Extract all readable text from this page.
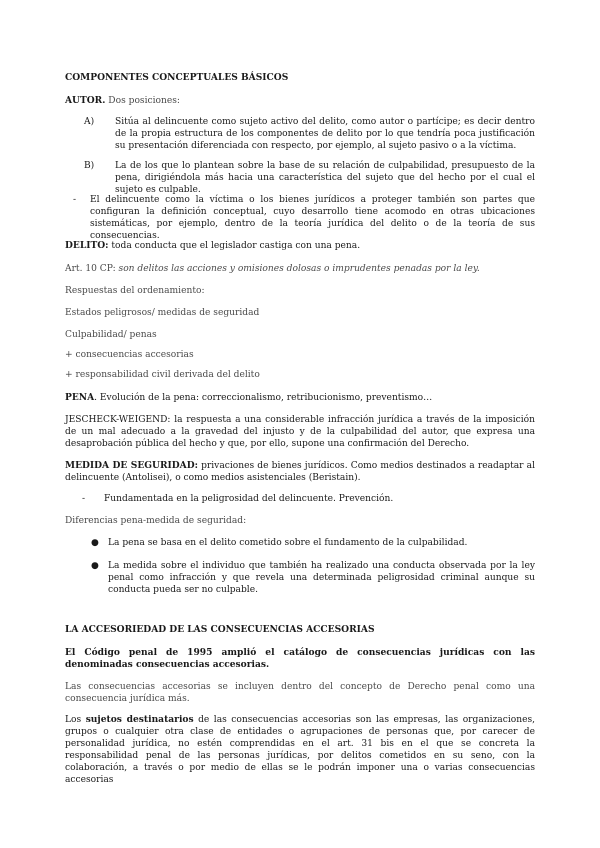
COMPONENTES CONCEPTUALES BÁSICOS

AUTOR. Dos posiciones:

A) Sitúa al delincuente como sujeto activo del delito, como autor o partícipe; es decir dentro de la propia estructura de los componentes de delito por lo que tendría poca justificación su presentación diferenciada con respecto, por ejemplo, al sujeto pasivo o a la víctima.

B) La de los que lo plantean sobre la base de su relación de culpabilidad, presupuesto de la pena, dirigiéndola más hacia una característica del sujeto que del hecho por el cual el sujeto es culpable.

- El delincuente como la víctima o los bienes jurídicos a proteger también son partes que configuran la definición conceptual, cuyo desarrollo tiene acomodo en otras ubicaciones sistemáticas, por ejemplo, dentro de la teoría jurídica del delito o de la teoría de sus consecuencias.

DELITO: toda conducta que el legislador castiga con una pena.

Art. 10 CP: son delitos las acciones y omisiones dolosas o imprudentes penadas por la ley.

Respuestas del ordenamiento:

Estados peligrosos/ medidas de seguridad

Culpabilidad/ penas

+ consecuencias accesorias

+ responsabilidad civil derivada del delito

PENA. Evolución de la pena: correccionalismo, retribucionismo, preventismo…

JESCHECK-WEIGEND: la respuesta a una considerable infracción jurídica a través de la imposición de un mal adecuado a la gravedad del injusto y de la culpabilidad del autor, que expresa una desaprobación pública del hecho y que, por ello, supone una confirmación del Derecho.

MEDIDA DE SEGURIDAD: privaciones de bienes jurídicos. Como medios destinados a readaptar al delincuente (Antolisei), o como medios asistenciales (Beristain).

- Fundamentada en la peligrosidad del delincuente. Prevención.

Diferencias pena-medida de seguridad:

● La pena se basa en el delito cometido sobre el fundamento de la culpabilidad.

● La medida sobre el individuo que también ha realizado una conducta observada por la ley penal como infracción y que revela una determinada peligrosidad criminal aunque su conducta pueda ser no culpable.

LA ACCESORIEDAD DE LAS CONSECUENCIAS ACCESORIAS

El Código penal de 1995 amplió el catálogo de consecuencias jurídicas con las denominadas consecuencias accesorias.

Las consecuencias accesorias se incluyen dentro del concepto de Derecho penal como una consecuencia jurídica más.

Los sujetos destinatarios de las consecuencias accesorias son las empresas, las organizaciones, grupos o cualquier otra clase de entidades o agrupaciones de personas que, por carecer de personalidad jurídica, no estén comprendidas en el art. 31 bis en el que se concreta la responsabilidad penal de las personas jurídicas, por delitos cometidos en su seno, con la colaboración, a través o por medio de ellas se le podrán imponer una o varias consecuencias accesorias
